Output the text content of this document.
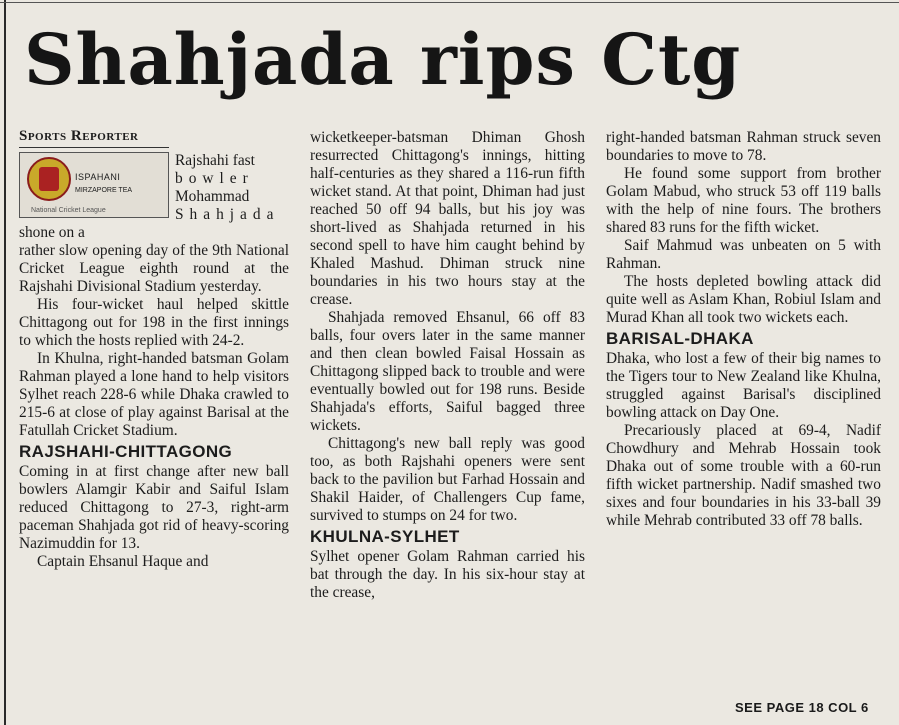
Shahjada rips Ctg
Sports Reporter
ISPAHANI
MIRZAPORE TEA
National Cricket League
Rajshahi fast
bowler
Mohammad
Shahjada
shone on a

rather slow opening day of the 9th National Cricket League eighth round at the Rajshahi Divisional Stadium yesterday.

His four-wicket haul helped skittle Chittagong out for 198 in the first innings to which the hosts replied with 24-2.

In Khulna, right-handed batsman Golam Rahman played a lone hand to help visitors Sylhet reach 228-6 while Dhaka crawled to 215-6 at close of play against Barisal at the Fatullah Cricket Stadium.

RAJSHAHI-CHITTAGONG

Coming in at first change after new ball bowlers Alamgir Kabir and Saiful Islam reduced Chittagong to 27-3, right-arm paceman Shahjada got rid of heavy-scoring Nazimuddin for 13.

Captain Ehsanul Haque and

wicketkeeper-batsman Dhiman Ghosh resurrected Chittagong's innings, hitting half-centuries as they shared a 116-run fifth wicket stand. At that point, Dhiman had just reached 50 off 94 balls, but his joy was short-lived as Shahjada returned in his second spell to have him caught behind by Khaled Mashud. Dhiman struck nine boundaries in his two hours stay at the crease.

Shahjada removed Ehsanul, 66 off 83 balls, four overs later in the same manner and then clean bowled Faisal Hossain as Chittagong slipped back to trouble and were eventually bowled out for 198 runs. Beside Shahjada's efforts, Saiful bagged three wickets.

Chittagong's new ball reply was good too, as both Rajshahi openers were sent back to the pavilion but Farhad Hossain and Shakil Haider, of Challengers Cup fame, survived to stumps on 24 for two.

KHULNA-SYLHET

Sylhet opener Golam Rahman carried his bat through the day. In his six-hour stay at the crease,

right-handed batsman Rahman struck seven boundaries to move to 78.

He found some support from brother Golam Mabud, who struck 53 off 119 balls with the help of nine fours. The brothers shared 83 runs for the fifth wicket.

Saif Mahmud was unbeaten on 5 with Rahman.

The hosts depleted bowling attack did quite well as Aslam Khan, Robiul Islam and Murad Khan all took two wickets each.

BARISAL-DHAKA

Dhaka, who lost a few of their big names to the Tigers tour to New Zealand like Khulna, struggled against Barisal's disciplined bowling attack on Day One.

Precariously placed at 69-4, Nadif Chowdhury and Mehrab Hossain took Dhaka out of some trouble with a 60-run fifth wicket partnership. Nadif smashed two sixes and four boundaries in his 33-ball 39 while Mehrab contributed 33 off 78 balls.

SEE PAGE 18 COL 6
